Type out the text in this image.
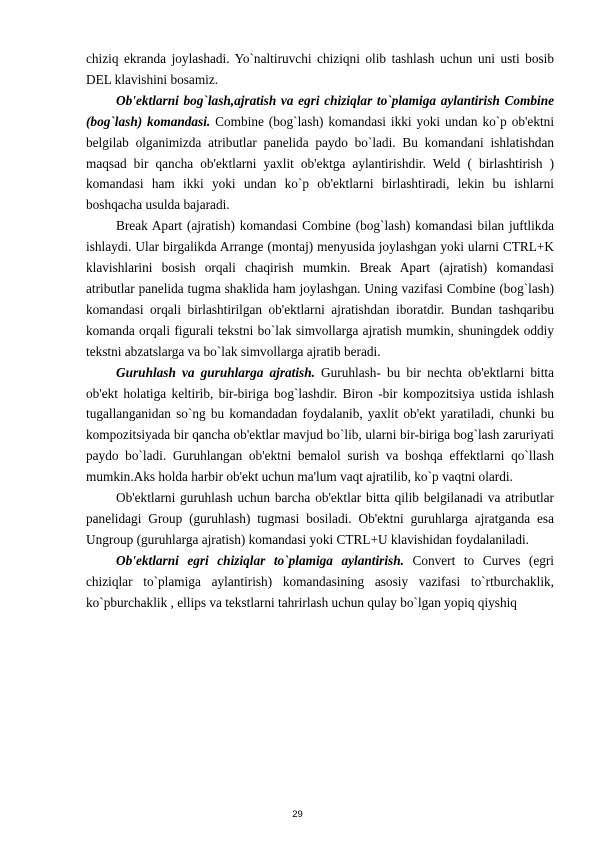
chiziq ekranda joylashadi. Yo`naltiruvchi chiziqni olib tashlash uchun uni usti bosib DEL klavishini bosamiz.

Ob'ektlarni bog`lash,ajratish va egri chiziqlar to`plamiga aylantirish Combine (bog`lash) komandasi. Combine (bog`lash) komandasi ikki yoki undan ko`p ob'ektni belgilab olganimizda atributlar panelida paydo bo`ladi. Bu komandani ishlatishdan maqsad bir qancha ob'ektlarni yaxlit ob'ektga aylantirishdir. Weld ( birlashtirish ) komandasi ham ikki yoki undan ko`p ob'ektlarni birlashtiradi, lekin bu ishlarni boshqacha usulda bajaradi.

Break Apart (ajratish) komandasi Combine (bog`lash) komandasi bilan juftlikda ishlaydi. Ular birgalikda Arrange (montaj) menyusida joylashgan yoki ularni CTRL+K klavishlarini bosish orqali chaqirish mumkin. Break Apart (ajratish) komandasi atributlar panelida tugma shaklida ham joylashgan. Uning vazifasi Combine (bog`lash) komandasi orqali birlashtirilgan ob'ektlarni ajratishdan iboratdir. Bundan tashqaribu komanda orqali figurali tekstni bo`lak simvollarga ajratish mumkin, shuningdek oddiy tekstni abzatslarga va bo`lak simvollarga ajratib beradi.

Guruhlash va guruhlarga ajratish. Guruhlash- bu bir nechta ob'ektlarni bitta ob'ekt holatiga keltirib, bir-biriga bog`lashdir. Biron -bir kompozitsiya ustida ishlash tugallanganidan so`ng bu komandadan foydalanib, yaxlit ob'ekt yaratiladi, chunki bu kompozitsiyada bir qancha ob'ektlar mavjud bo`lib, ularni bir-biriga bog`lash zaruriyati paydo bo`ladi. Guruhlangan ob'ektni bemalol surish va boshqa effektlarni qo`llash mumkin.Aks holda harbir ob'ekt uchun ma'lum vaqt ajratilib, ko`p vaqtni olardi.

Ob'ektlarni guruhlash uchun barcha ob'ektlar bitta qilib belgilanadi va atributlar panelidagi Group (guruhlash) tugmasi bosiladi. Ob'ektni guruhlarga ajratganda esa Ungroup (guruhlarga ajratish) komandasi yoki CTRL+U klavishidan foydalaniladi.

Ob'ektlarni egri chiziqlar to`plamiga aylantirish. Convert to Curves (egri chiziqlar to`plamiga aylantirish) komandasining asosiy vazifasi to`rtburchaklik, ko`pburchaklik , ellips va tekstlarni tahrirlash uchun qulay bo`lgan yopiq qiyshiq

29
